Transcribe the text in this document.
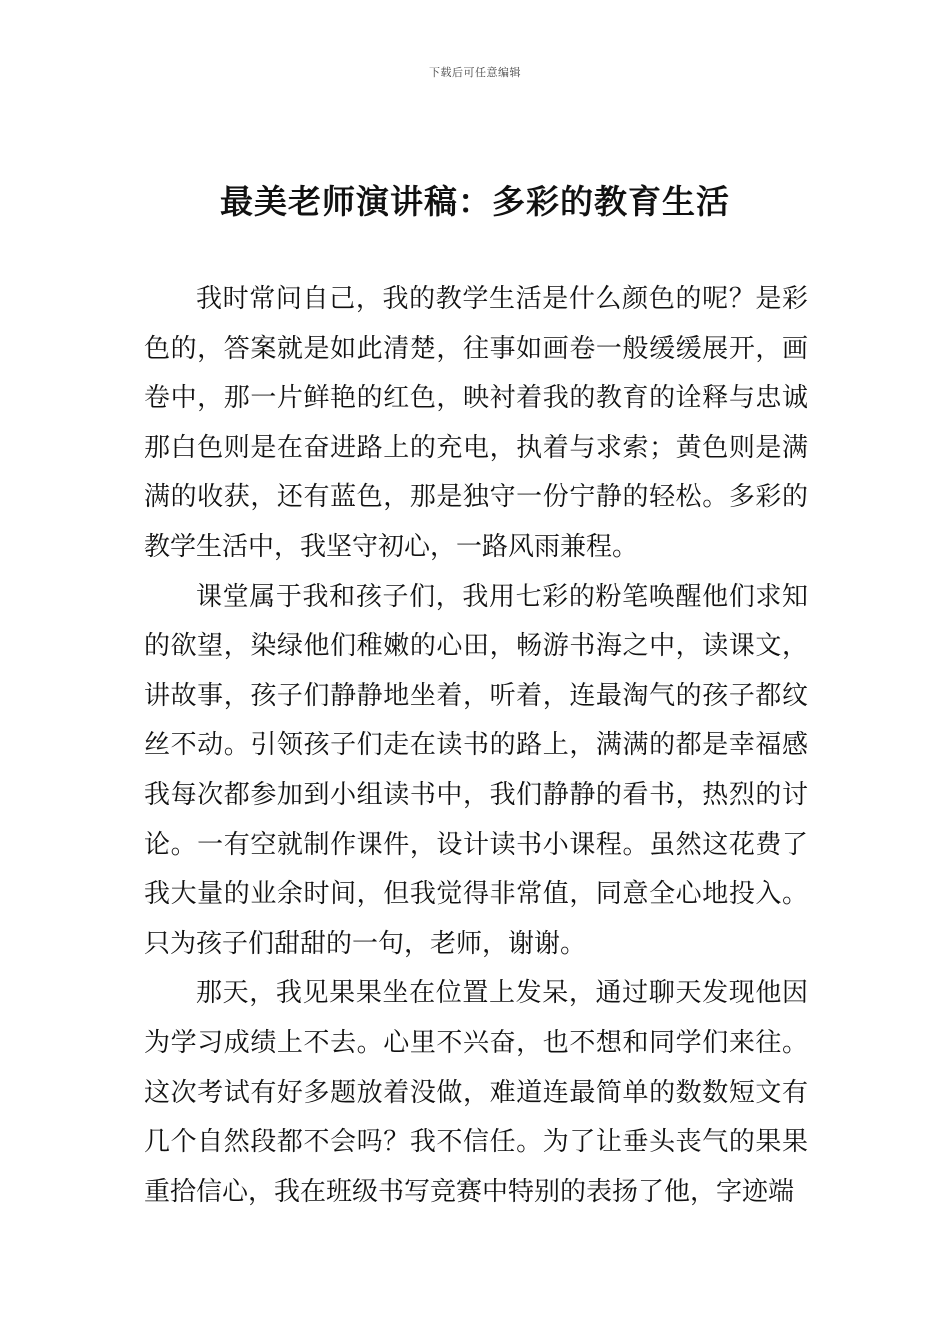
下载后可任意编辑
最美老师演讲稿：多彩的教育生活

我时常问自己，我的教学生活是什么颜色的呢？是彩色的，答案就是如此清楚，往事如画卷一般缓缓展开，画卷中，那一片鲜艳的红色，映衬着我的教育的诠释与忠诚那白色则是在奋进路上的充电，执着与求索；黄色则是满满的收获，还有蓝色，那是独守一份宁静的轻松。多彩的教学生活中，我坚守初心，一路风雨兼程。

课堂属于我和孩子们，我用七彩的粉笔唤醒他们求知的欲望，染绿他们稚嫩的心田，畅游书海之中，读课文，讲故事，孩子们静静地坐着，听着，连最淘气的孩子都纹丝不动。引领孩子们走在读书的路上，满满的都是幸福感我每次都参加到小组读书中，我们静静的看书，热烈的讨论。一有空就制作课件，设计读书小课程。虽然这花费了我大量的业余时间，但我觉得非常值，同意全心地投入。只为孩子们甜甜的一句，老师，谢谢。

那天，我见果果坐在位置上发呆，通过聊天发现他因为学习成绩上不去。心里不兴奋，也不想和同学们来往。这次考试有好多题放着没做，难道连最简单的数数短文有几个自然段都不会吗？我不信任。为了让垂头丧气的果果重拾信心，我在班级书写竞赛中特别的表扬了他，字迹端
